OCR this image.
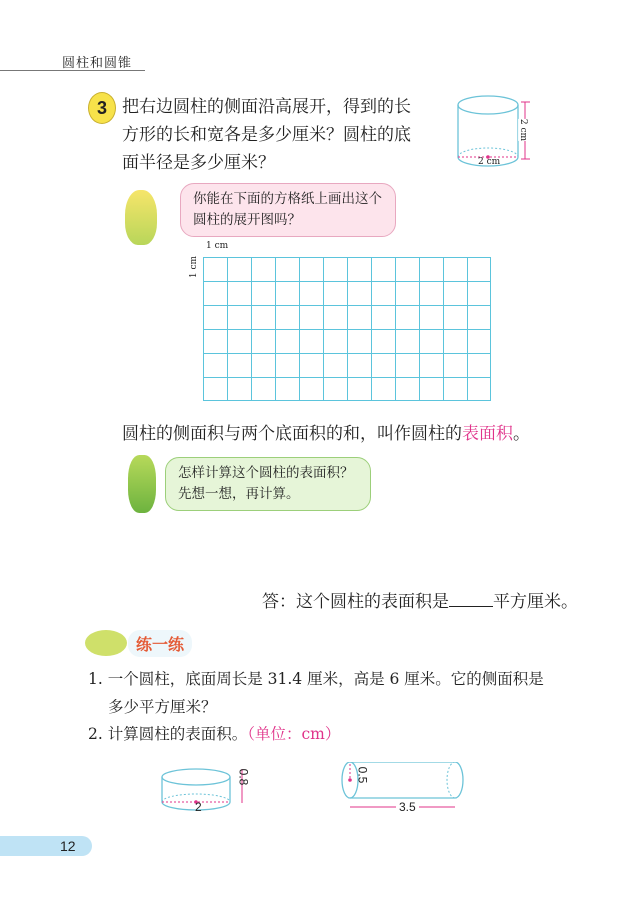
圆柱和圆锥
3 把右边圆柱的侧面沿高展开，得到的长
方形的长和宽各是多少厘米？圆柱的底
面半径是多少厘米？
2 cm
2 cm
你能在下面的方格纸上画出这个
圆柱的展开图吗？
1 cm
1 cm
圆柱的侧面积与两个底面积的和，叫作圆柱的表面积。
怎样计算这个圆柱的表面积？
先想一想，再计算。
答：这个圆柱的表面积是	平方厘米。
练一练
1. 一个圆柱，底面周长是 31.4 厘米，高是 6 厘米。它的侧面积是
多少平方厘米？
2. 计算圆柱的表面积。（单位：cm）
0.8
2
0.5
3.5
12
